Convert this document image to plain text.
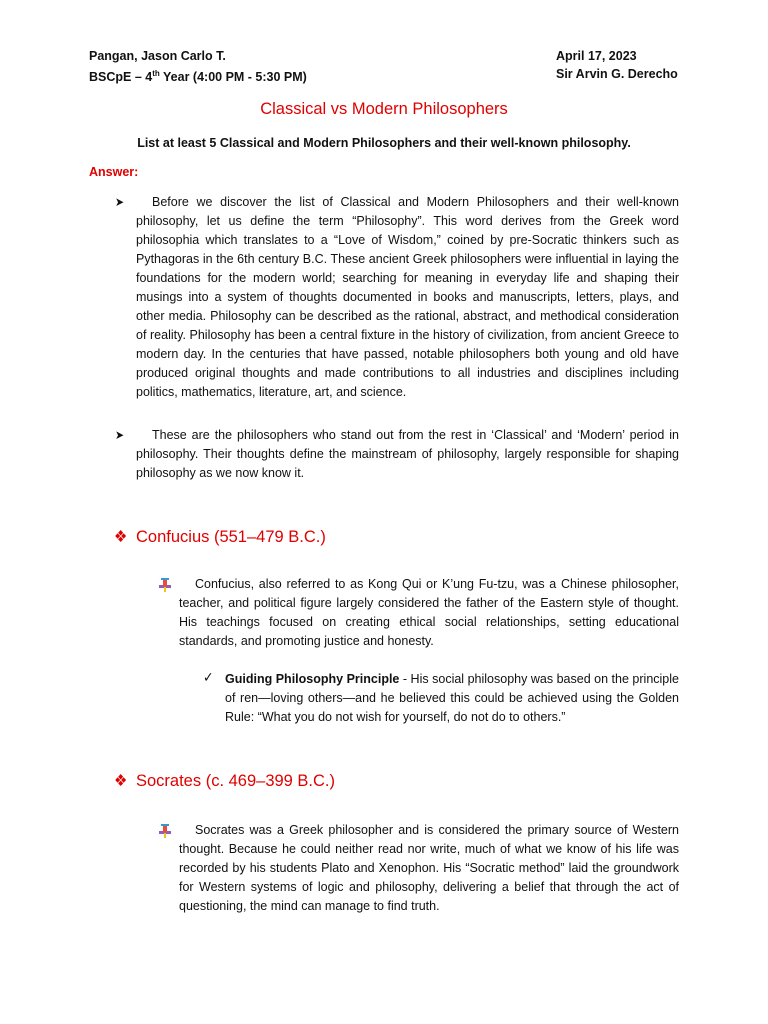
Pangan, Jason Carlo T.
BSCpE – 4th Year (4:00 PM - 5:30 PM)
April 17, 2023
Sir Arvin G. Derecho
Classical vs Modern Philosophers
List at least 5 Classical and Modern Philosophers and their well-known philosophy.
Answer:
➤	Before we discover the list of Classical and Modern Philosophers and their well-known philosophy, let us define the term “Philosophy”. This word derives from the Greek word philosophia which translates to a “Love of Wisdom,” coined by pre-Socratic thinkers such as Pythagoras in the 6th century B.C. These ancient Greek philosophers were influential in laying the foundations for the modern world; searching for meaning in everyday life and shaping their musings into a system of thoughts documented in books and manuscripts, letters, plays, and other media. Philosophy can be described as the rational, abstract, and methodical consideration of reality. Philosophy has been a central fixture in the history of civilization, from ancient Greece to modern day. In the centuries that have passed, notable philosophers both young and old have produced original thoughts and made contributions to all industries and disciplines including politics, mathematics, literature, art, and science.
➤	These are the philosophers who stand out from the rest in ‘Classical’ and ‘Modern’ period in philosophy. Their thoughts define the mainstream of philosophy, largely responsible for shaping philosophy as we now know it.
❖ Confucius (551–479 B.C.)
Confucius, also referred to as Kong Qui or K’ung Fu-tzu, was a Chinese philosopher, teacher, and political figure largely considered the father of the Eastern style of thought. His teachings focused on creating ethical social relationships, setting educational standards, and promoting justice and honesty.
✓ Guiding Philosophy Principle - His social philosophy was based on the principle of ren—loving others—and he believed this could be achieved using the Golden Rule: “What you do not wish for yourself, do not do to others.”
❖ Socrates (c. 469–399 B.C.)
Socrates was a Greek philosopher and is considered the primary source of Western thought. Because he could neither read nor write, much of what we know of his life was recorded by his students Plato and Xenophon. His “Socratic method” laid the groundwork for Western systems of logic and philosophy, delivering a belief that through the act of questioning, the mind can manage to find truth.
